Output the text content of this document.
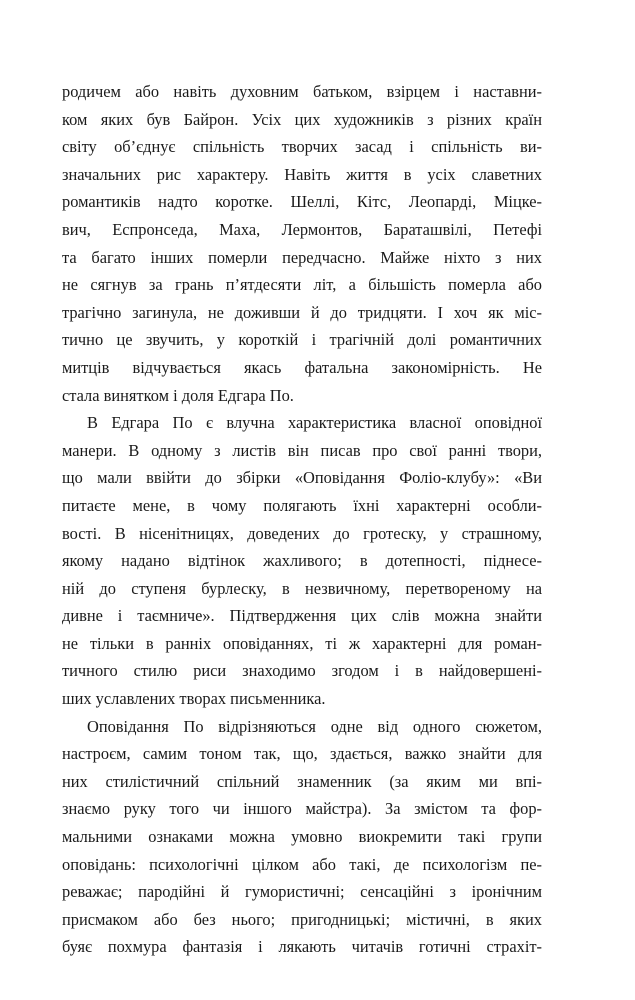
родичем або навіть духовним батьком, взірцем і наставни-
ком яких був Байрон. Усіх цих художників з різних країн
світу об’єднує спільність творчих засад і спільність ви-
значальних рис характеру. Навіть життя в усіх славетних
романтиків надто коротке. Шеллі, Кітс, Леопарді, Міцке-
вич, Еспронседа, Маха, Лермонтов, Бараташвілі, Петефі
та багато інших померли передчасно. Майже ніхто з них
не сягнув за грань п’ятдесяти літ, а більшість померла або
трагічно загинула, не доживши й до тридцяти. І хоч як міс-
тично це звучить, у короткій і трагічній долі романтичних
митців відчувається якась фатальна закономірність. Не
стала винятком і доля Едгара По.
В Едгара По є влучна характеристика власної оповідної
манери. В одному з листів він писав про свої ранні твори,
що мали ввійти до збірки «Оповідання Фоліо-клубу»: «Ви
питаєте мене, в чому полягають їхні характерні особли-
вості. В нісенітницях, доведених до гротеску, у страшному,
якому надано відтінок жахливого; в дотепності, піднесе-
ній до ступеня бурлеску, в незвичному, перетвореному на
дивне і таємниче». Підтвердження цих слів можна знайти
не тільки в ранніх оповіданнях, ті ж характерні для роман-
тичного стилю риси знаходимо згодом і в найдовершені-
ших уславлених творах письменника.
Оповідання По відрізняються одне від одного сюжетом,
настроєм, самим тоном так, що, здається, важко знайти для
них стилістичний спільний знаменник (за яким ми впі-
знаємо руку того чи іншого майстра). За змістом та фор-
мальними ознаками можна умовно виокремити такі групи
оповідань: психологічні цілком або такі, де психологізм пе-
реважає; пародійні й гумористичні; сенсаційні з іронічним
присмаком або без нього; пригодницькі; містичні, в яких
буяє похмура фантазія і лякають читачів готичні страхіт-
